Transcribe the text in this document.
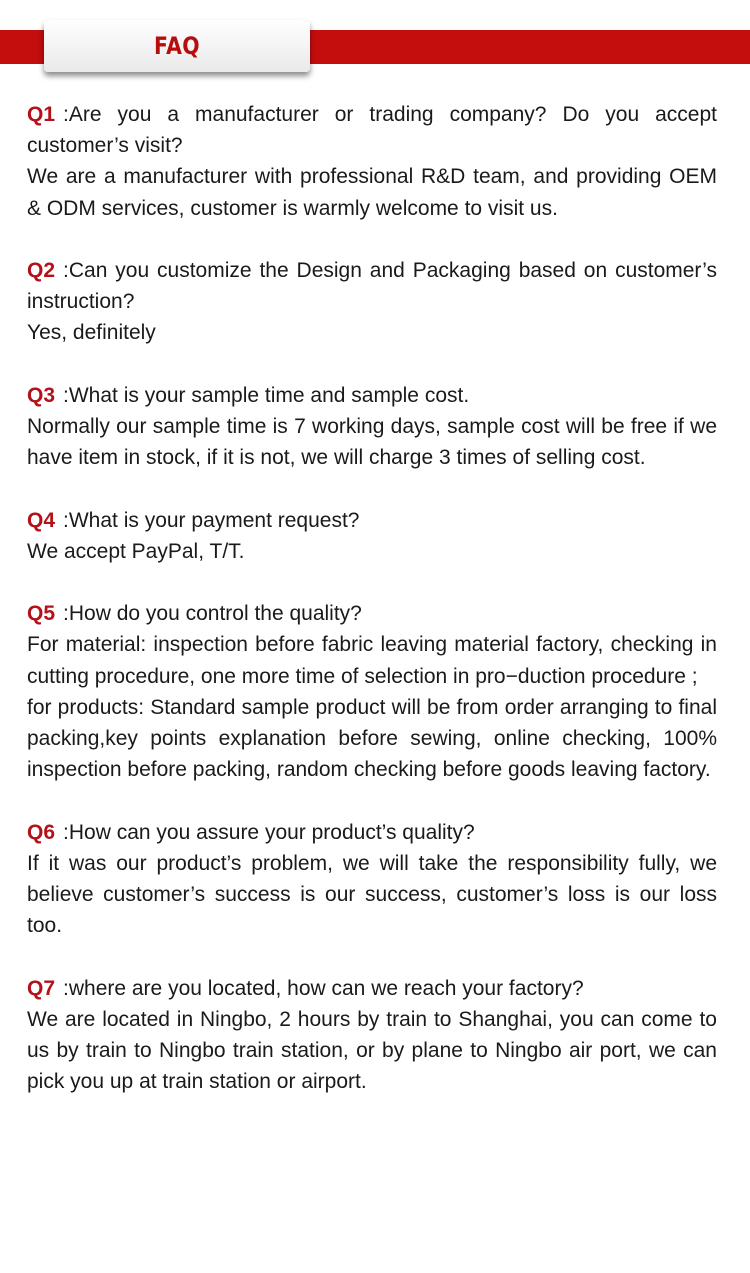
FAQ

Q1 :Are you a manufacturer or trading company? Do you accept customer’s visit?

We are a manufacturer with professional R&D team, and providing OEM & ODM services, customer is warmly welcome to visit us.

Q2 :Can you customize the Design and Packaging based on customer’s instruction?

Yes, definitely

Q3 :What is your sample time and sample cost.

Normally our sample time is 7 working days, sample cost will be free if we have item in stock, if it is not, we will charge 3 times of selling cost.

Q4 :What is your payment request?

We accept PayPal, T/T.

Q5 :How do you control the quality?

For material: inspection before fabric leaving material factory, checking in cutting procedure, one more time of selection in pro−duction procedure ;

for products: Standard sample product will be from order arranging to final packing,key points explanation before sewing, online checking, 100% inspection before packing, random checking before goods leaving factory.

Q6 :How can you assure your product’s quality?

If it was our product’s problem, we will take the responsibility fully, we believe customer’s success is our success, customer’s loss is our loss too.

Q7 :where are you located, how can we reach your factory?

We are located in Ningbo, 2 hours by train to Shanghai, you can come to us by train to Ningbo train station, or by plane to Ningbo air port, we can pick you up at train station or airport.
